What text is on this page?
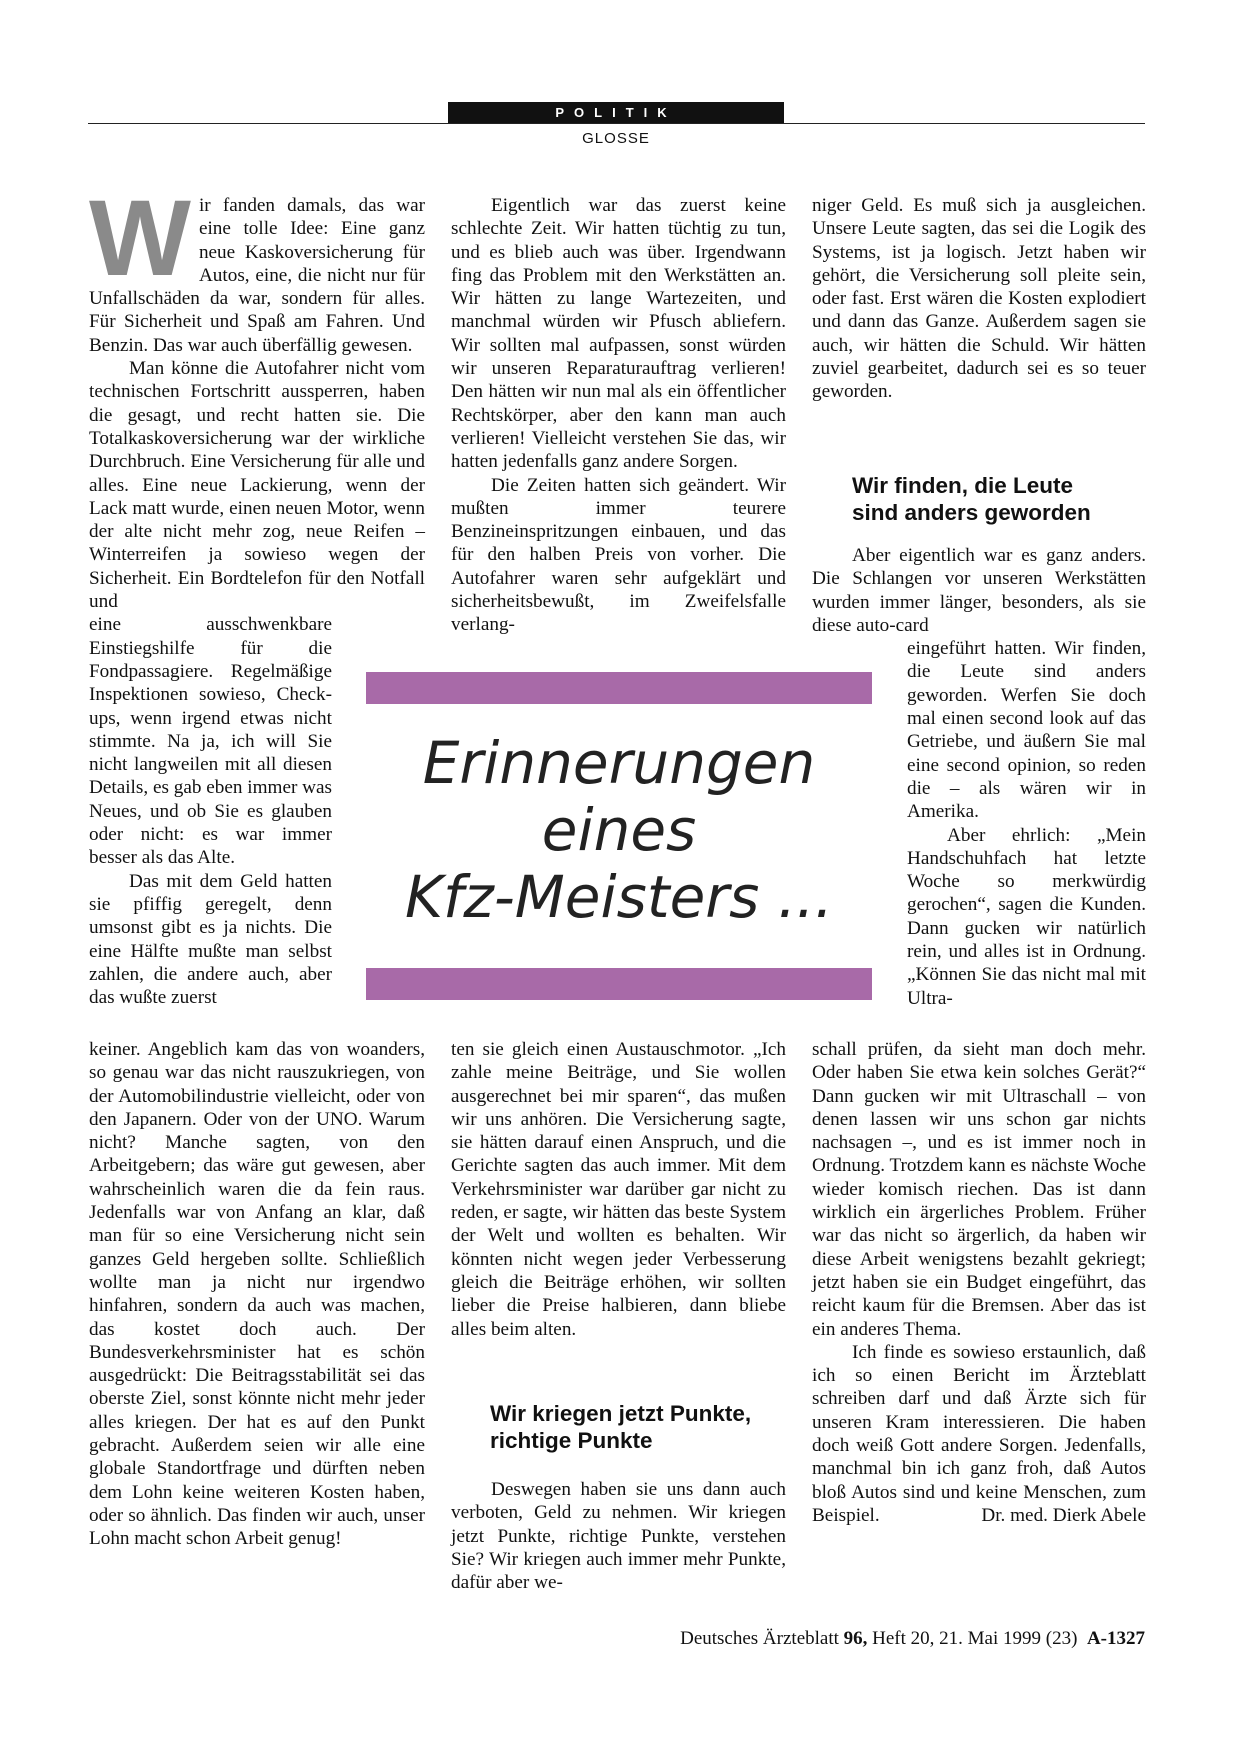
POLITIK
GLOSSE

Wir fanden damals, das war eine tolle Idee: Eine ganz neue Kaskoversicherung für Autos, eine, die nicht nur für Unfallschäden da war, sondern für alles. Für Sicherheit und Spaß am Fahren. Und Benzin. Das war auch überfällig gewesen.

Man könne die Autofahrer nicht vom technischen Fortschritt aussperren, haben die gesagt, und recht hatten sie. Die Totalkaskoversicherung war der wirkliche Durchbruch. Eine Versicherung für alle und alles. Eine neue Lackierung, wenn der Lack matt wurde, einen neuen Motor, wenn der alte nicht mehr zog, neue Reifen – Winterreifen ja sowieso wegen der Sicherheit. Ein Bordtelefon für den Notfall und

eine ausschwenkbare Einstiegshilfe für die Fondpassagiere. Regelmäßige Inspektionen sowieso, Check-ups, wenn irgend etwas nicht stimmte. Na ja, ich will Sie nicht langweilen mit all diesen Details, es gab eben immer was Neues, und ob Sie es glauben oder nicht: es war immer besser als das Alte.

Das mit dem Geld hatten sie pfiffig geregelt, denn umsonst gibt es ja nichts. Die eine Hälfte mußte man selbst zahlen, die andere auch, aber das wußte zuerst

keiner. Angeblich kam das von woanders, so genau war das nicht rauszukriegen, von der Automobilindustrie vielleicht, oder von den Japanern. Oder von der UNO. Warum nicht? Manche sagten, von den Arbeitgebern; das wäre gut gewesen, aber wahrscheinlich waren die da fein raus. Jedenfalls war von Anfang an klar, daß man für so eine Versicherung nicht sein ganzes Geld hergeben sollte. Schließlich wollte man ja nicht nur irgendwo hinfahren, sondern da auch was machen, das kostet doch auch. Der Bundesverkehrsminister hat es schön ausgedrückt: Die Beitragsstabilität sei das oberste Ziel, sonst könnte nicht mehr jeder alles kriegen. Der hat es auf den Punkt gebracht. Außerdem seien wir alle eine globale Standortfrage und dürften neben dem Lohn keine weiteren Kosten haben, oder so ähnlich. Das finden wir auch, unser Lohn macht schon Arbeit genug!

Eigentlich war das zuerst keine schlechte Zeit. Wir hatten tüchtig zu tun, und es blieb auch was über. Irgendwann fing das Problem mit den Werkstätten an. Wir hätten zu lange Wartezeiten, und manchmal würden wir Pfusch abliefern. Wir sollten mal aufpassen, sonst würden wir unseren Reparaturauftrag verlieren! Den hätten wir nun mal als ein öffentlicher Rechtskörper, aber den kann man auch verlieren! Vielleicht verstehen Sie das, wir hatten jedenfalls ganz andere Sorgen.

Die Zeiten hatten sich geändert. Wir mußten immer teurere Benzineinspritzungen einbauen, und das für den halben Preis von vorher. Die Autofahrer waren sehr aufgeklärt und sicherheitsbewußt, im Zweifelsfalle verlang-

ten sie gleich einen Austauschmotor. „Ich zahle meine Beiträge, und Sie wollen ausgerechnet bei mir sparen“, das mußen wir uns anhören. Die Versicherung sagte, sie hätten darauf einen Anspruch, und die Gerichte sagten das auch immer. Mit dem Verkehrsminister war darüber gar nicht zu reden, er sagte, wir hätten das beste System der Welt und wollten es behalten. Wir könnten nicht wegen jeder Verbesserung gleich die Beiträge erhöhen, wir sollten lieber die Preise halbieren, dann bliebe alles beim alten.

Wir kriegen jetzt Punkte,
richtige Punkte

Deswegen haben sie uns dann auch verboten, Geld zu nehmen. Wir kriegen jetzt Punkte, richtige Punkte, verstehen Sie? Wir kriegen auch immer mehr Punkte, dafür aber we-

niger Geld. Es muß sich ja ausgleichen. Unsere Leute sagten, das sei die Logik des Systems, ist ja logisch. Jetzt haben wir gehört, die Versicherung soll pleite sein, oder fast. Erst wären die Kosten explodiert und dann das Ganze. Außerdem sagen sie auch, wir hätten die Schuld. Wir hätten zuviel gearbeitet, dadurch sei es so teuer geworden.

Wir finden, die Leute
sind anders geworden

Aber eigentlich war es ganz anders. Die Schlangen vor unseren Werkstätten wurden immer länger, besonders, als sie diese auto-card

eingeführt hatten. Wir finden, die Leute sind anders geworden. Werfen Sie doch mal einen second look auf das Getriebe, und äußern Sie mal eine second opinion, so reden die – als wären wir in Amerika.

Aber ehrlich: „Mein Handschuhfach hat letzte Woche so merkwürdig gerochen“, sagen die Kunden. Dann gucken wir natürlich rein, und alles ist in Ordnung. „Können Sie das nicht mal mit Ultra-

schall prüfen, da sieht man doch mehr. Oder haben Sie etwa kein solches Gerät?“ Dann gucken wir mit Ultraschall – von denen lassen wir uns schon gar nichts nachsagen –, und es ist immer noch in Ordnung. Trotzdem kann es nächste Woche wieder komisch riechen. Das ist dann wirklich ein ärgerliches Problem. Früher war das nicht so ärgerlich, da haben wir diese Arbeit wenigstens bezahlt gekriegt; jetzt haben sie ein Budget eingeführt, das reicht kaum für die Bremsen. Aber das ist ein anderes Thema.

Ich finde es sowieso erstaunlich, daß ich so einen Bericht im Ärzteblatt schreiben darf und daß Ärzte sich für unseren Kram interessieren. Die haben doch weiß Gott andere Sorgen. Jedenfalls, manchmal bin ich ganz froh, daß Autos bloß Autos sind und keine Menschen, zum Beispiel.	Dr. med. Dierk Abele

Erinnerungen
eines
Kfz-Meisters ...
Deutsches Ärzteblatt 96, Heft 20, 21. Mai 1999 (23) A-1327
